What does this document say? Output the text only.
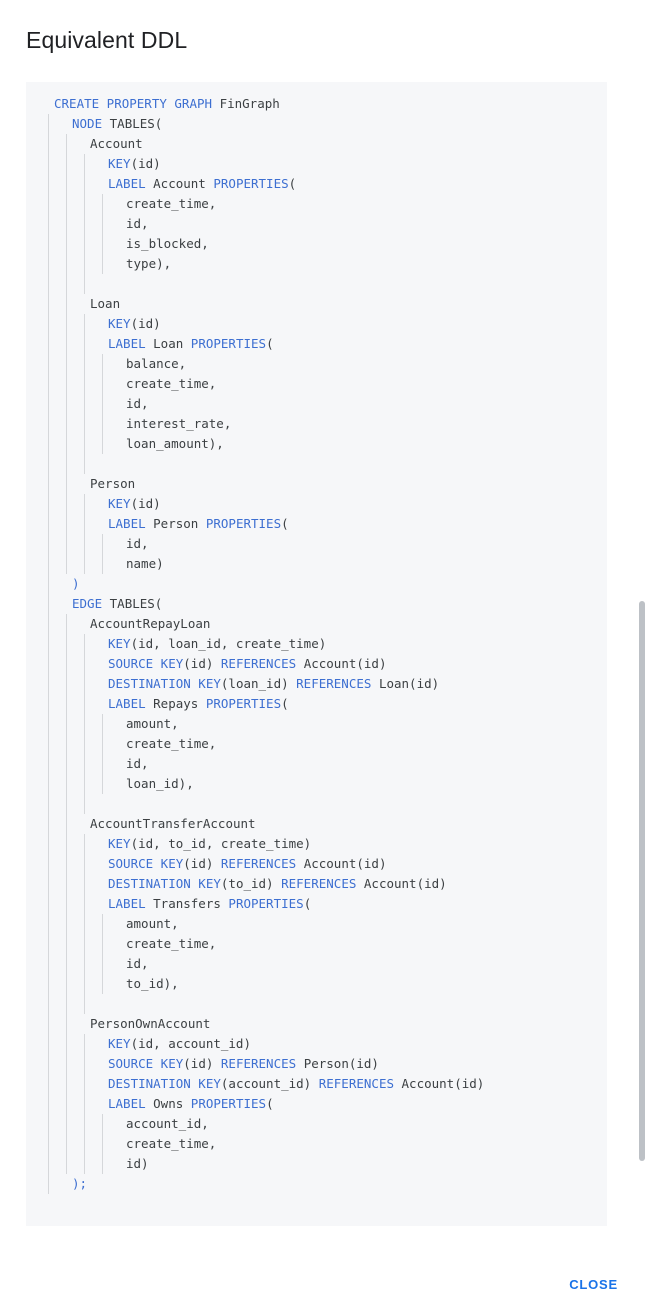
Equivalent DDL
CREATE PROPERTY GRAPH FinGraph
NODE TABLES(
Account
KEY(id)
LABEL Account PROPERTIES(
create_time,
id,
is_blocked,
type),
Loan
KEY(id)
LABEL Loan PROPERTIES(
balance,
create_time,
id,
interest_rate,
loan_amount),
Person
KEY(id)
LABEL Person PROPERTIES(
id,
name)
)
EDGE TABLES(
AccountRepayLoan
KEY(id, loan_id, create_time)
SOURCE KEY(id) REFERENCES Account(id)
DESTINATION KEY(loan_id) REFERENCES Loan(id)
LABEL Repays PROPERTIES(
amount,
create_time,
id,
loan_id),
AccountTransferAccount
KEY(id, to_id, create_time)
SOURCE KEY(id) REFERENCES Account(id)
DESTINATION KEY(to_id) REFERENCES Account(id)
LABEL Transfers PROPERTIES(
amount,
create_time,
id,
to_id),
PersonOwnAccount
KEY(id, account_id)
SOURCE KEY(id) REFERENCES Person(id)
DESTINATION KEY(account_id) REFERENCES Account(id)
LABEL Owns PROPERTIES(
account_id,
create_time,
id)
);
CLOSE
